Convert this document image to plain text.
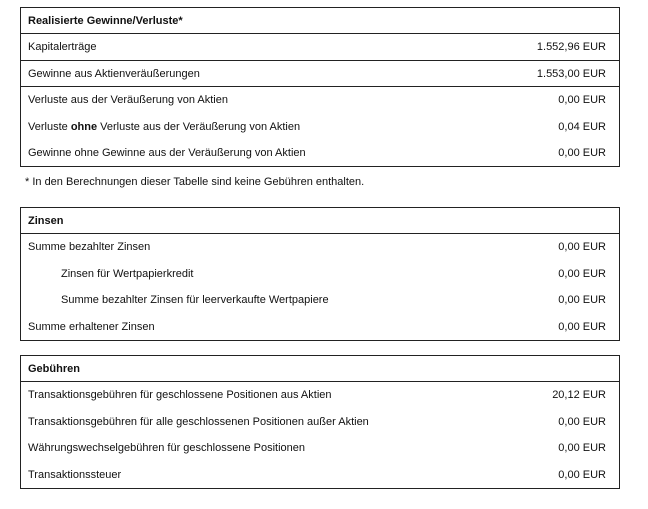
Realisierte Gewinne/Verluste*
Kapitalerträge	1.552,96 EUR
Gewinne aus Aktienveräußerungen	1.553,00 EUR
Verluste aus der Veräußerung von Aktien	0,00 EUR
Verluste ohne Verluste aus der Veräußerung von Aktien	0,04 EUR
Gewinne ohne Gewinne aus der Veräußerung von Aktien	0,00 EUR
* In den Berechnungen dieser Tabelle sind keine Gebühren enthalten.
Zinsen
Summe bezahlter Zinsen	0,00 EUR
Zinsen für Wertpapierkredit	0,00 EUR
Summe bezahlter Zinsen für leerverkaufte Wertpapiere	0,00 EUR
Summe erhaltener Zinsen	0,00 EUR
Gebühren
Transaktionsgebühren für geschlossene Positionen aus Aktien	20,12 EUR
Transaktionsgebühren für alle geschlossenen Positionen außer Aktien	0,00 EUR
Währungswechselgebühren für geschlossene Positionen	0,00 EUR
Transaktionssteuer	0,00 EUR
